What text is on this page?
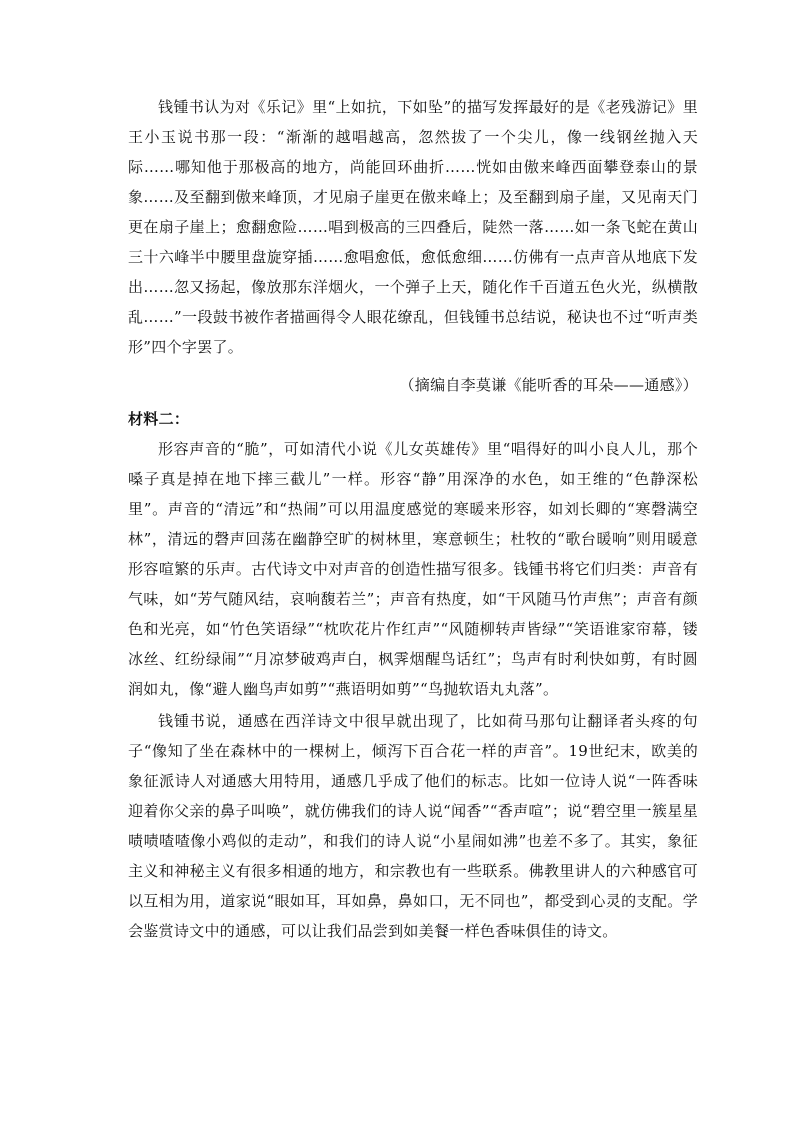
钱锺书认为对《乐记》里“上如抗，下如坠”的描写发挥最好的是《老残游记》里王小玉说书那一段：“渐渐的越唱越高，忽然拔了一个尖儿，像一线钢丝抛入天际……哪知他于那极高的地方，尚能回环曲折……恍如由傲来峰西面攀登泰山的景象……及至翻到傲来峰顶，才见扇子崖更在傲来峰上；及至翻到扇子崖，又见南天门更在扇子崖上；愈翻愈险……唱到极高的三四叠后，陡然一落……如一条飞蛇在黄山三十六峰半中腰里盘旋穿插……愈唱愈低，愈低愈细……仿佛有一点声音从地底下发出……忽又扬起，像放那东洋烟火，一个弹子上天，随化作千百道五色火光，纵横散乱……”一段鼓书被作者描画得令人眼花缭乱，但钱锺书总结说，秘诀也不过“听声类形”四个字罢了。

（摘编自李莫谦《能听香的耳朵——通感》）

材料二：

形容声音的“脆”，可如清代小说《儿女英雄传》里“唱得好的叫小良人儿，那个嗓子真是掉在地下摔三截儿”一样。形容“静”用深净的水色，如王维的“色静深松里”。声音的“清远”和“热闹”可以用温度感觉的寒暖来形容，如刘长卿的“寒磬满空林”，清远的磬声回荡在幽静空旷的树林里，寒意顿生；杜牧的“歌台暖响”则用暖意形容喧繁的乐声。古代诗文中对声音的创造性描写很多。钱锺书将它们归类：声音有气味，如“芳气随风结，哀响馥若兰”；声音有热度，如“干风随马竹声焦”；声音有颜色和光亮，如“竹色笑语绿”“枕吹花片作红声”“风随柳转声皆绿”“笑语谁家帘幕，镂冰丝、红纷绿闹”“月凉梦破鸡声白，枫霁烟醒鸟话红”；鸟声有时利快如剪，有时圆润如丸，像“避人幽鸟声如剪”“燕语明如剪”“鸟抛软语丸丸落”。

钱锺书说，通感在西洋诗文中很早就出现了，比如荷马那句让翻译者头疼的句子“像知了坐在森林中的一棵树上，倾泻下百合花一样的声音”。19世纪末，欧美的象征派诗人对通感大用特用，通感几乎成了他们的标志。比如一位诗人说“一阵香味迎着你父亲的鼻子叫唤”，就仿佛我们的诗人说“闻香”“香声喧”；说“碧空里一簇星星啧啧喳喳像小鸡似的走动”，和我们的诗人说“小星闹如沸”也差不多了。其实，象征主义和神秘主义有很多相通的地方，和宗教也有一些联系。佛教里讲人的六种感官可以互相为用，道家说“眼如耳，耳如鼻，鼻如口，无不同也”，都受到心灵的支配。学会鉴赏诗文中的通感，可以让我们品尝到如美餐一样色香味俱佳的诗文。
